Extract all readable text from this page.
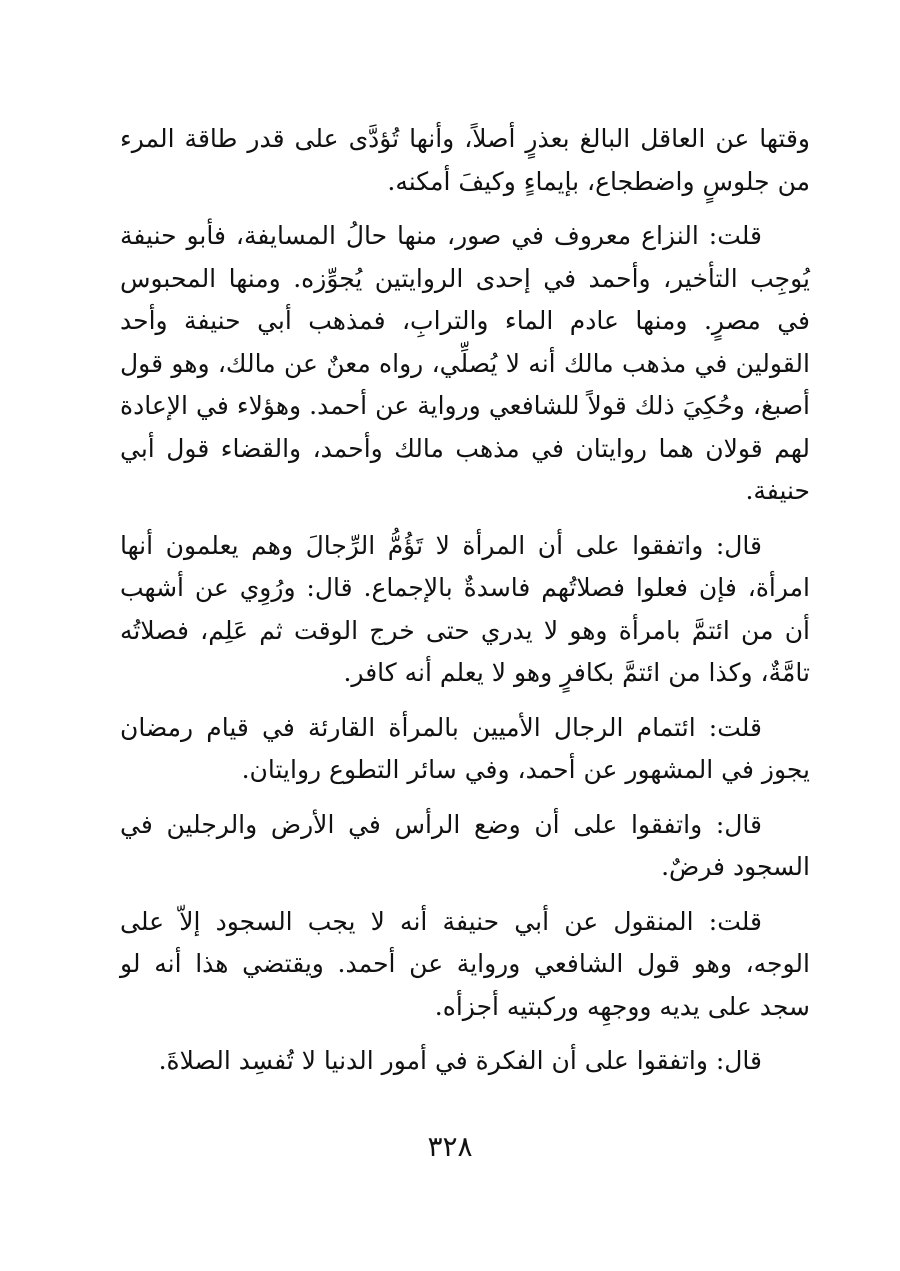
وقتها عن العاقل البالغ بعذرٍ أصلاً، وأنها تُؤدَّى على قدر طاقة المرء من جلوسٍ واضطجاع، بإيماءٍ وكيفَ أمكنه.

قلت: النزاع معروف في صور، منها حالُ المسايفة، فأبو حنيفة يُوجِب التأخير، وأحمد في إحدى الروايتين يُجوِّزه. ومنها المحبوس في مصرٍ. ومنها عادم الماء والترابِ، فمذهب أبي حنيفة وأحد القولين في مذهب مالك أنه لا يُصلِّي، رواه معنٌ عن مالك، وهو قول أصبغ، وحُكِيَ ذلك قولاً للشافعي ورواية عن أحمد. وهؤلاء في الإعادة لهم قولان هما روايتان في مذهب مالك وأحمد، والقضاء قول أبي حنيفة.

قال: واتفقوا على أن المرأة لا تَؤُمُّ الرِّجالَ وهم يعلمون أنها امرأة، فإن فعلوا فصلاتُهم فاسدةٌ بالإجماع. قال: ورُوِي عن أشهب أن من ائتمَّ بامرأة وهو لا يدري حتى خرج الوقت ثم عَلِم، فصلاتُه تامَّةٌ، وكذا من ائتمَّ بكافرٍ وهو لا يعلم أنه كافر.

قلت: ائتمام الرجال الأميين بالمرأة القارئة في قيام رمضان يجوز في المشهور عن أحمد، وفي سائر التطوع روايتان.

قال: واتفقوا على أن وضع الرأس في الأرض والرجلين في السجود فرضٌ.

قلت: المنقول عن أبي حنيفة أنه لا يجب السجود إلاّ على الوجه، وهو قول الشافعي ورواية عن أحمد. ويقتضي هذا أنه لو سجد على يديه ووجهِه وركبتيه أجزأه.

قال: واتفقوا على أن الفكرة في أمور الدنيا لا تُفسِد الصلاةَ.

٣٢٨
